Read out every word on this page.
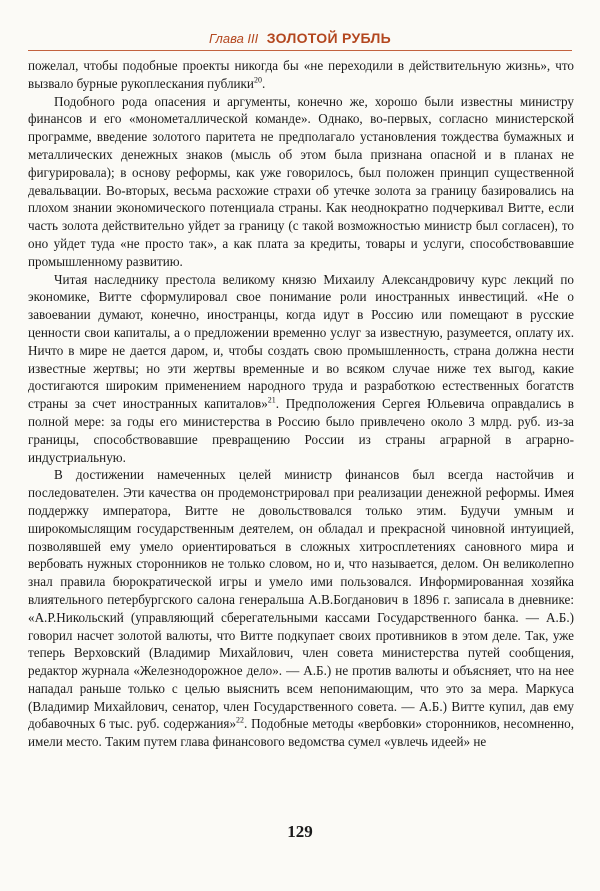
Глава III ЗОЛОТОЙ РУБЛЬ

пожелал, чтобы подобные проекты никогда бы «не переходили в действительную жизнь», что вызвало бурные рукоплескания публики$^{20}$.

Подобного рода опасения и аргументы, конечно же, хорошо были известны министру финансов и его «монометаллической команде». Однако, во-первых, согласно министерской программе, введение золотого паритета не предполагало установления тождества бумажных и металлических денежных знаков (мысль об этом была признана опасной и в планах не фигурировала); в основу реформы, как уже говорилось, был положен принцип существенной девальвации. Во-вторых, весьма расхожие страхи об утечке золота за границу базировались на плохом знании экономического потенциала страны. Как неоднократно подчеркивал Витте, если часть золота действительно уйдет за границу (с такой возможностью министр был согласен), то оно уйдет туда «не просто так», а как плата за кредиты, товары и услуги, способствовавшие промышленному развитию.

Читая наследнику престола великому князю Михаилу Александровичу курс лекций по экономике, Витте сформулировал свое понимание роли иностранных инвестиций. «Не о завоевании думают, конечно, иностранцы, когда идут в Россию или помещают в русские ценности свои капиталы, а о предложении временно услуг за известную, разумеется, оплату их. Ничто в мире не дается даром, и, чтобы создать свою промышленность, страна должна нести известные жертвы; но эти жертвы временные и во всяком случае ниже тех выгод, какие достигаются широким применением народного труда и разработкою естественных богатств страны за счет иностранных капиталов»$^{21}$. Предположения Сергея Юльевича оправдались в полной мере: за годы его министерства в Россию было привлечено около 3 млрд. руб. из-за границы, способствовавшие превращению России из страны аграрной в аграрно-индустриальную.

В достижении намеченных целей министр финансов был всегда настойчив и последователен. Эти качества он продемонстрировал при реализации денежной реформы. Имея поддержку императора, Витте не довольствовался только этим. Будучи умным и широкомыслящим государственным деятелем, он обладал и прекрасной чиновной интуицией, позволявшей ему умело ориентироваться в сложных хитросплетениях сановного мира и вербовать нужных сторонников не только словом, но и, что называется, делом. Он великолепно знал правила бюрократической игры и умело ими пользовался. Информированная хозяйка влиятельного петербургского салона генеральша А.В.Богданович в 1896 г. записала в дневнике: «А.Р.Никольский (управляющий сберегательными кассами Государственного банка. — А.Б.) говорил насчет золотой валюты, что Витте подкупает своих противников в этом деле. Так, уже теперь Верховский (Владимир Михайлович, член совета министерства путей сообщения, редактор журнала «Железнодорожное дело». — А.Б.) не против валюты и объясняет, что на нее нападал раньше только с целью выяснить всем непонимающим, что это за мера. Маркуса (Владимир Михайлович, сенатор, член Государственного совета. — А.Б.) Витте купил, дав ему добавочных 6 тыс. руб. содержания»$^{22}$. Подобные методы «вербовки» сторонников, несомненно, имели место. Таким путем глава финансового ведомства сумел «увлечь идеей» не

129
